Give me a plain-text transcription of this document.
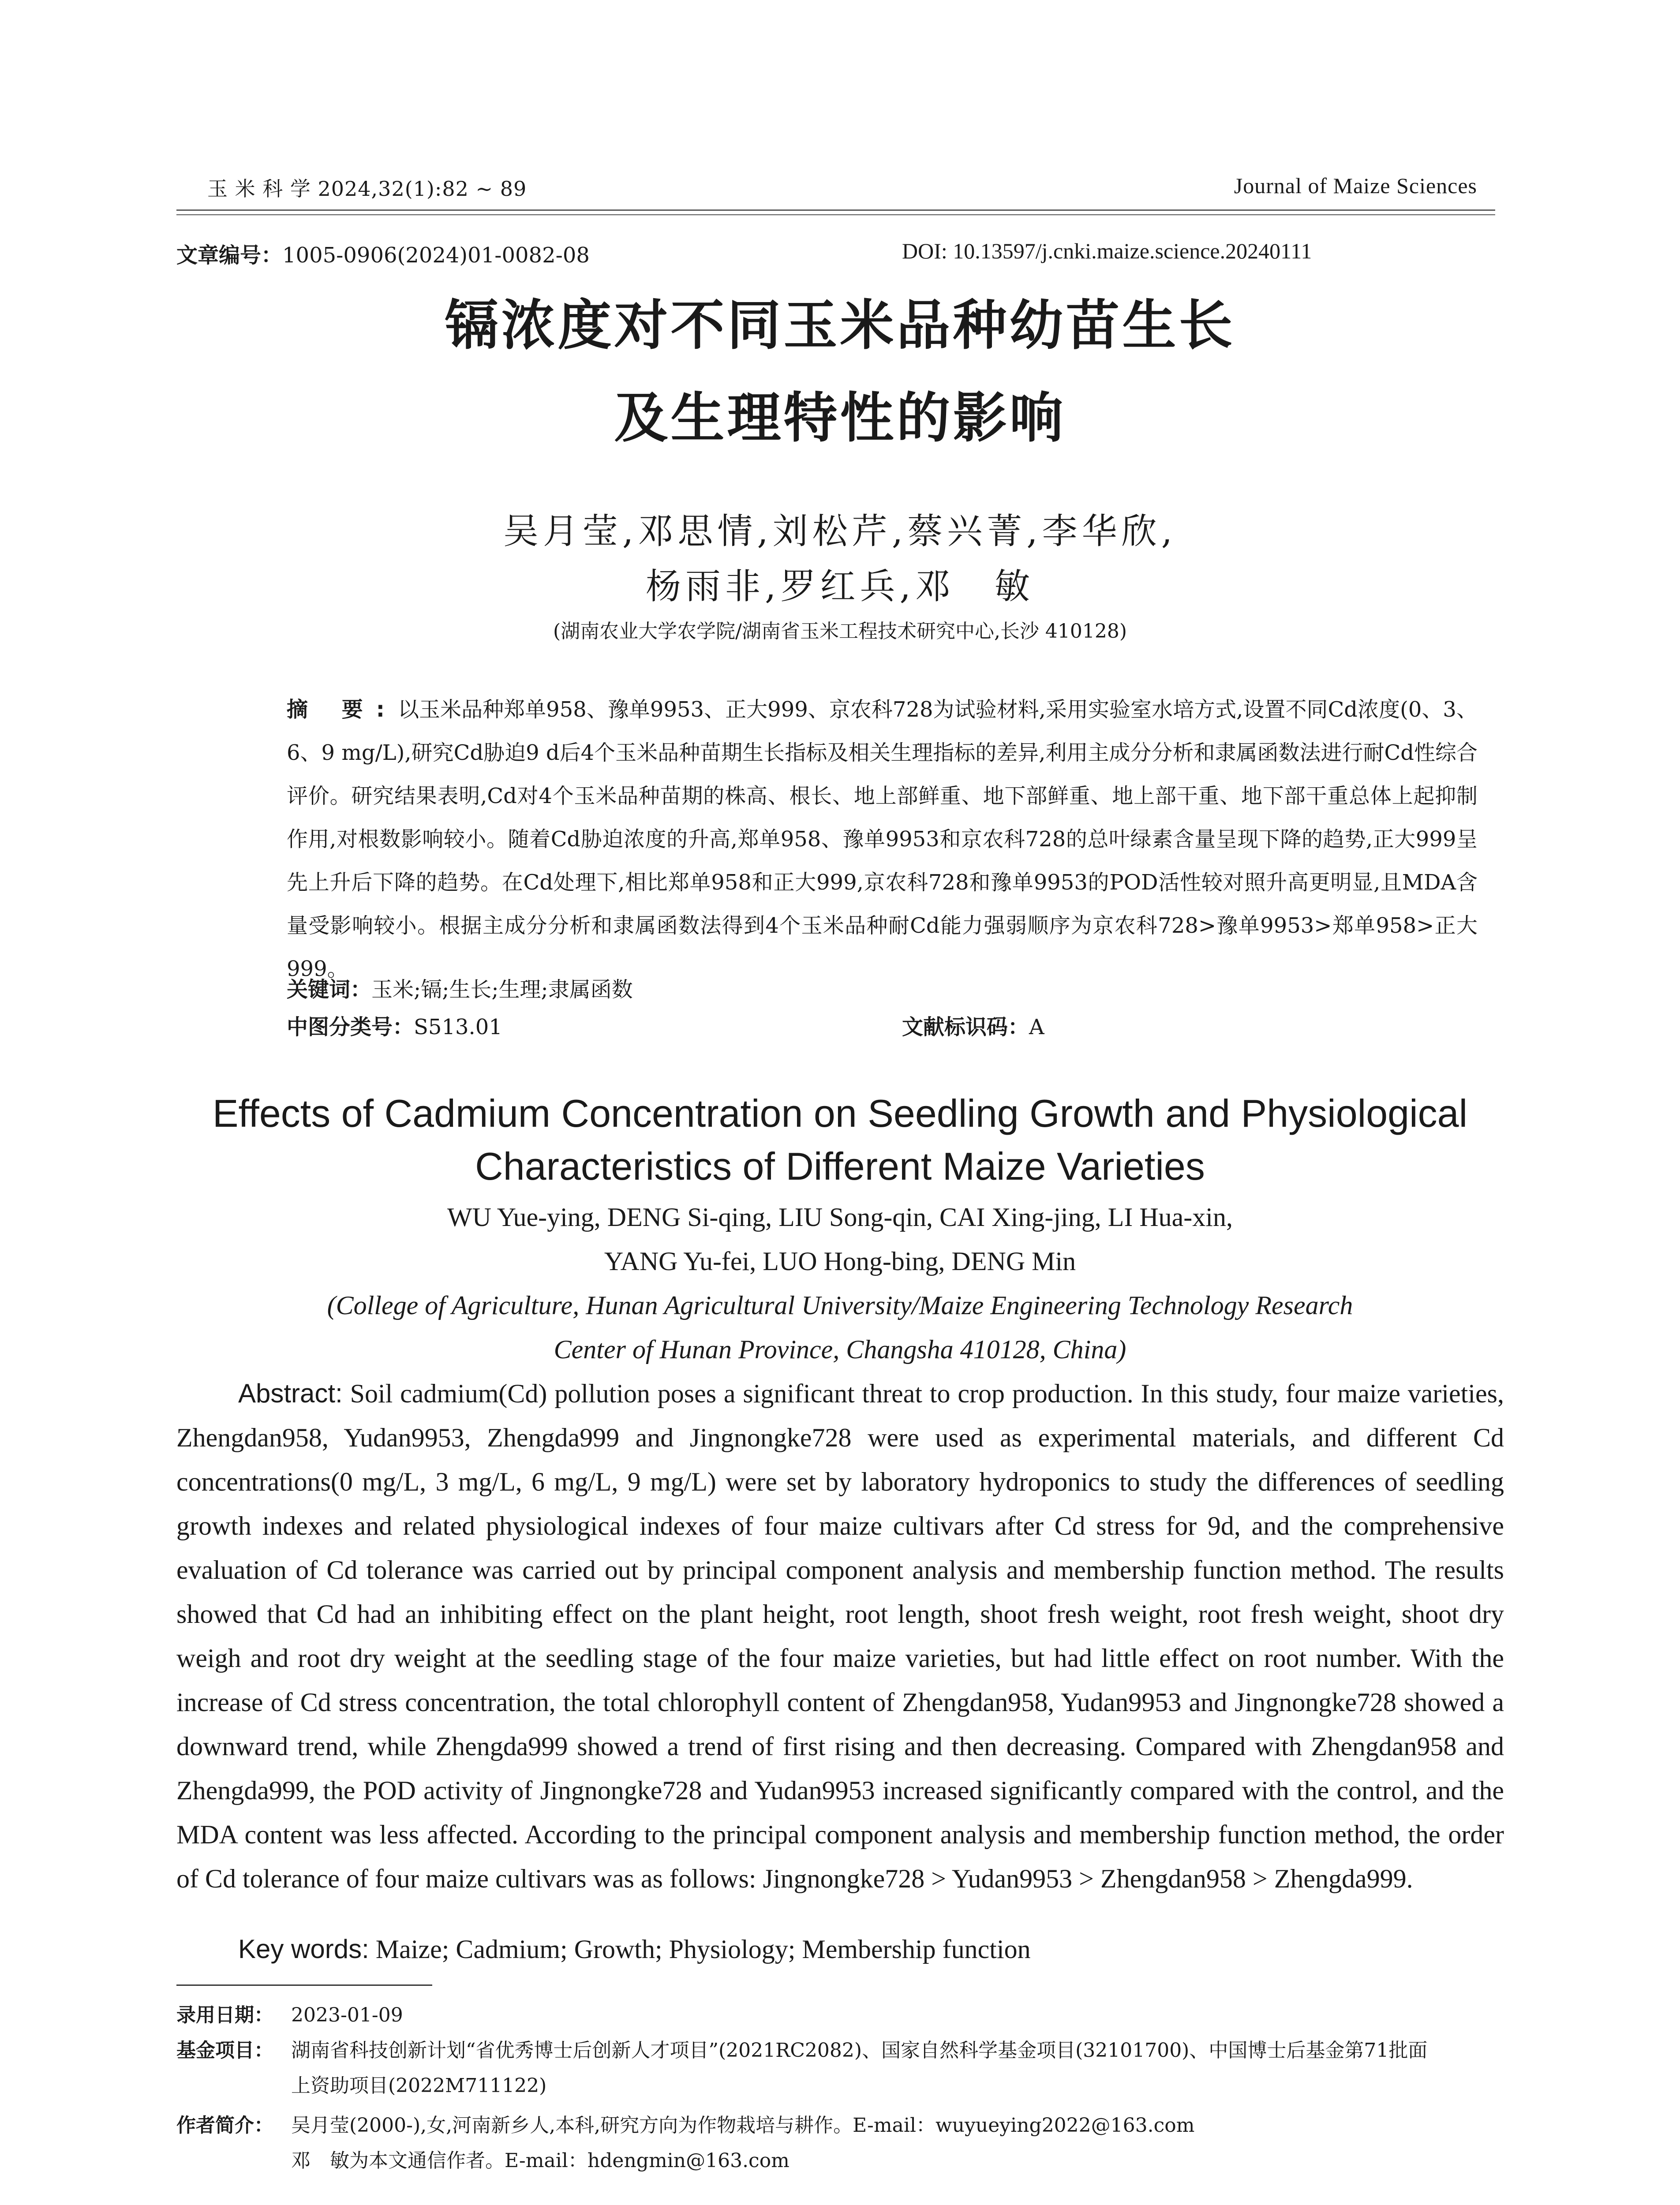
玉 米 科 学 2024,32(1):82 ~ 89	Journal of Maize Sciences
文章编号：1005-0906(2024)01-0082-08	DOI: 10.13597/j.cnki.maize.science.20240111
镉浓度对不同玉米品种幼苗生长
及生理特性的影响
吴月莹,邓思情,刘松芹,蔡兴菁,李华欣,
杨雨非,罗红兵,邓　敏
(湖南农业大学农学院/湖南省玉米工程技术研究中心,长沙 410128)
摘 要:以玉米品种郑单958、豫单9953、正大999、京农科728为试验材料,采用实验室水培方式,设置不同Cd浓度(0、3、6、9 mg/L),研究Cd胁迫9 d后4个玉米品种苗期生长指标及相关生理指标的差异,利用主成分分析和隶属函数法进行耐Cd性综合评价。研究结果表明,Cd对4个玉米品种苗期的株高、根长、地上部鲜重、地下部鲜重、地上部干重、地下部干重总体上起抑制作用,对根数影响较小。随着Cd胁迫浓度的升高,郑单958、豫单9953和京农科728的总叶绿素含量呈现下降的趋势,正大999呈先上升后下降的趋势。在Cd处理下,相比郑单958和正大999,京农科728和豫单9953的POD活性较对照升高更明显,且MDA含量受影响较小。根据主成分分析和隶属函数法得到4个玉米品种耐Cd能力强弱顺序为京农科728>豫单9953>郑单958>正大999。
关键词：玉米;镉;生长;生理;隶属函数
中图分类号：S513.01	文献标识码：A
Effects of Cadmium Concentration on Seedling Growth and Physiological
Characteristics of Different Maize Varieties
WU Yue-ying, DENG Si-qing, LIU Song-qin, CAI Xing-jing, LI Hua-xin,
YANG Yu-fei, LUO Hong-bing, DENG Min
(College of Agriculture, Hunan Agricultural University/Maize Engineering Technology Research
Center of Hunan Province, Changsha 410128, China)
Abstract: Soil cadmium(Cd) pollution poses a significant threat to crop production. In this study, four maize varieties, Zhengdan958, Yudan9953, Zhengda999 and Jingnongke728 were used as experimental materials, and different Cd concentrations(0 mg/L, 3 mg/L, 6 mg/L, 9 mg/L) were set by laboratory hydroponics to study the differences of seedling growth indexes and related physiological indexes of four maize cultivars after Cd stress for 9d, and the comprehensive evaluation of Cd tolerance was carried out by principal component analysis and membership function method. The results showed that Cd had an inhibiting effect on the plant height, root length, shoot fresh weight, root fresh weight, shoot dry weigh and root dry weight at the seedling stage of the four maize varieties, but had little effect on root number. With the increase of Cd stress concentration, the total chlorophyll content of Zhengdan958, Yudan9953 and Jingnongke728 showed a downward trend, while Zhengda999 showed a trend of first rising and then decreasing. Compared with Zhengdan958 and Zhengda999, the POD activity of Jingnongke728 and Yudan9953 increased significantly compared with the control, and the MDA content was less affected. According to the principal component analysis and membership function method, the order of Cd tolerance of four maize cultivars was as follows: Jingnongke728 > Yudan9953 > Zhengdan958 > Zhengda999.
Key words: Maize; Cadmium; Growth; Physiology; Membership function
录用日期： 2023-01-09
基金项目： 湖南省科技创新计划“省优秀博士后创新人才项目”(2021RC2082)、国家自然科学基金项目(32101700)、中国博士后基金第71批面
上资助项目(2022M711122)
作者简介： 吴月莹(2000-),女,河南新乡人,本科,研究方向为作物栽培与耕作。E-mail：wuyueying2022@163.com
邓　敏为本文通信作者。E-mail：hdengmin@163.com
